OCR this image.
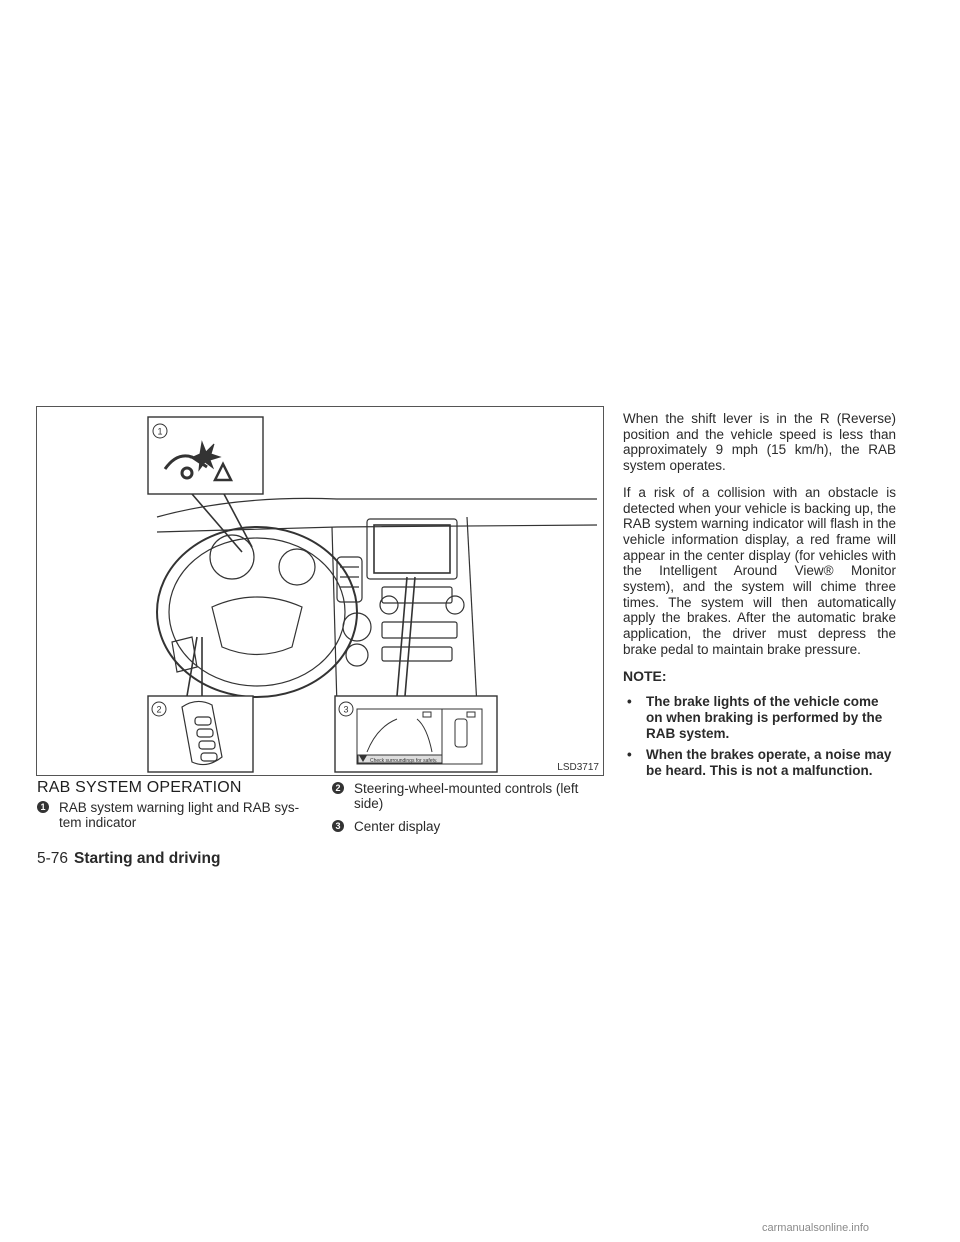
1
2	3
Check surroundings for safety.
LSD3717
RAB SYSTEM OPERATION
1 RAB system warning light and RAB sys-
tem indicator
2 Steering-wheel-mounted controls (left
side)
3 Center display

When the shift lever is in the R (Reverse) position and the vehicle speed is less than approximately 9 mph (15 km/h), the RAB system operates.

If a risk of a collision with an obstacle is detected when your vehicle is backing up, the RAB system warning indicator will flash in the vehicle information display, a red frame will appear in the center display (for vehicles with the Intelligent Around View® Monitor system), and the system will chime three times. The system will then automatically apply the brakes. After the automatic brake application, the driver must depress the brake pedal to maintain brake pressure.

NOTE:
• The brake lights of the vehicle come on when braking is performed by the RAB system.
• When the brakes operate, a noise may be heard. This is not a malfunction.
5-76 Starting and driving
carmanualsonline.info
